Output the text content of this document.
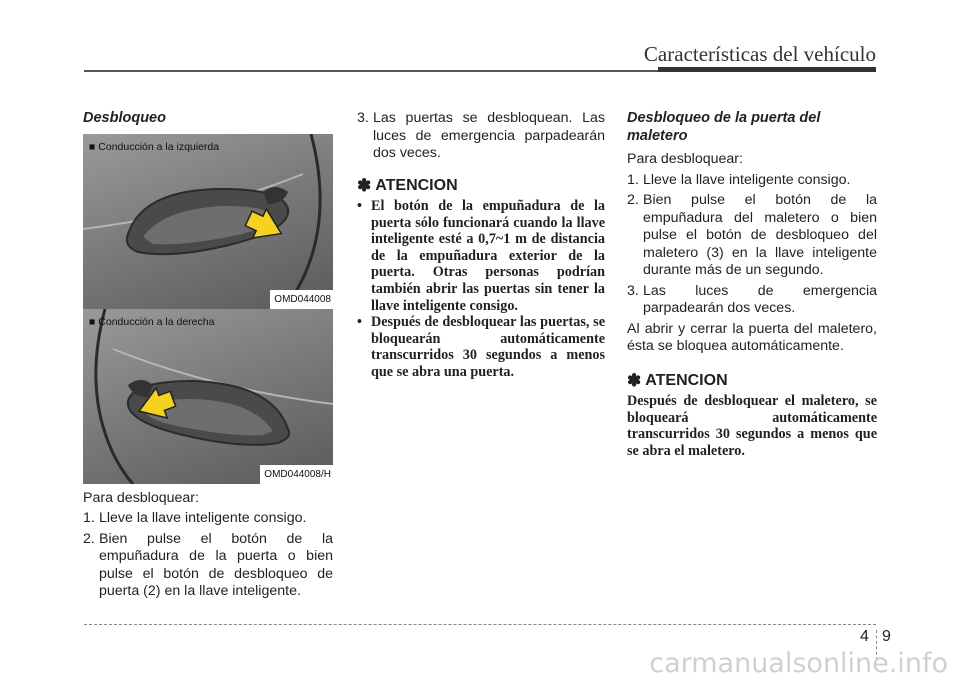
Características del vehículo
Desbloqueo
■ Conducción a la izquierda
OMD044008
■ Conducción a la derecha
OMD044008/H

Para desbloquear:

1. Lleve la llave inteligente consigo.
2. Bien pulse el botón de la empuñadura de la puerta o bien pulse el botón de desbloqueo de puerta (2) en la llave inteligente.
3. Las puertas se desbloquean. Las luces de emergencia parpadearán dos veces.
✽ ATENCION
• El botón de la empuñadura de la puerta sólo funcionará cuando la llave inteligente esté a 0,7~1 m de distancia de la empuñadura exterior de la puerta. Otras personas podrían también abrir las puertas sin tener la llave inteligente consigo.
• Después de desbloquear las puertas, se bloquearán automáticamente transcurridos 30 segundos a menos que se abra una puerta.
Desbloqueo de la puerta del maletero

Para desbloquear:

1. Lleve la llave inteligente consigo.
2. Bien pulse el botón de la empuñadura del maletero o bien pulse el botón de desbloqueo del maletero (3) en la llave inteligente durante más de un segundo.
3. Las luces de emergencia parpadearán dos veces.

Al abrir y cerrar la puerta del maletero, ésta se bloquea automáticamente.

✽ ATENCION

Después de desbloquear el maletero, se bloqueará automáticamente transcurridos 30 segundos a menos que se abra el maletero.

4 9
carmanualsonline.info
